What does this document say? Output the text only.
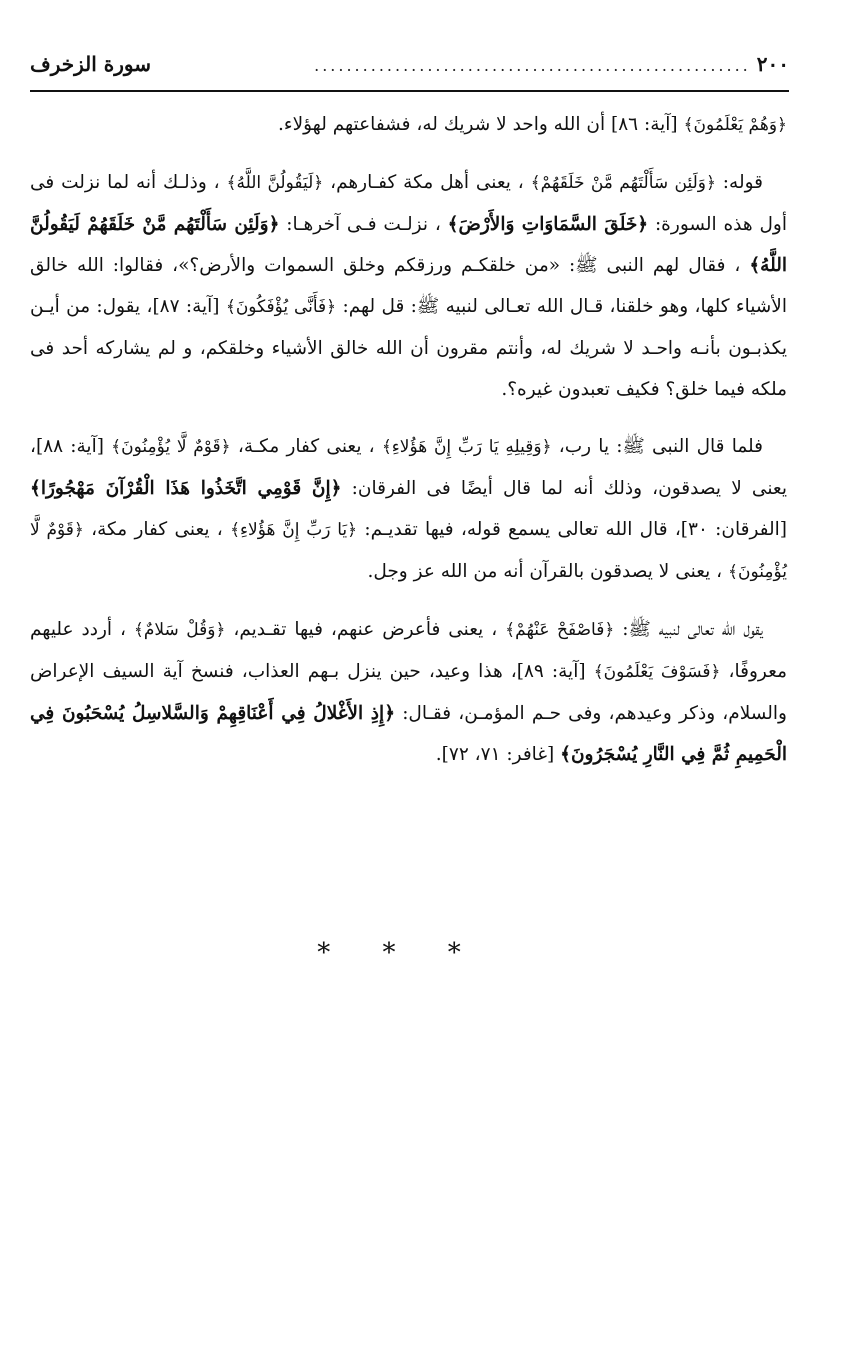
٢٠٠
......................................................
سورة الزخرف

﴿وَهُمْ يَعْلَمُونَ﴾ [آية: ٨٦] أن الله واحد لا شريك له، فشفاعتهم لهؤلاء.

قوله: ﴿وَلَئِن سَأَلْتَهُم مَّنْ خَلَقَهُمْ﴾ ، يعنى أهل مكة كفـارهم، ﴿لَيَقُولُنَّ اللَّهُ﴾ ، وذلـك أنه لما نزلت فى أول هذه السورة: ﴿خَلَقَ السَّمَاوَاتِ وَالأَرْضَ﴾ ، نزلـت فـى آخرهـا: ﴿وَلَئِن سَأَلْتَهُم مَّنْ خَلَقَهُمْ لَيَقُولُنَّ اللَّهُ﴾ ، فقال لهم النبى ﷺ: «من خلقكـم ورزقكم وخلق السموات والأرض؟»، فقالوا: الله خالق الأشياء كلها، وهو خلقنا، قـال الله تعـالى لنبيه ﷺ: قل لهم: ﴿فَأَنَّى يُؤْفَكُونَ﴾ [آية: ٨٧]، يقول: من أيـن يكذبـون بأنـه واحـد لا شريك له، وأنتم مقرون أن الله خالق الأشياء وخلقكم، و لم يشاركه أحد فى ملكه فيما خلق؟ فكيف تعبدون غيره؟.

فلما قال النبى ﷺ: يا رب، ﴿وَقِيلِهِ يَا رَبِّ إِنَّ هَؤُلاءِ﴾ ، يعنى كفار مكـة، ﴿قَوْمٌ لَّا يُؤْمِنُونَ﴾ [آية: ٨٨]، يعنى لا يصدقون، وذلك أنه لما قال أيضًا فى الفرقان: ﴿إِنَّ قَوْمِي اتَّخَذُوا هَذَا الْقُرْآنَ مَهْجُورًا﴾ [الفرقان: ٣٠]، قال الله تعالى يسمع قوله، فيها تقديـم: ﴿يَا رَبِّ إِنَّ هَؤُلاءِ﴾ ، يعنى كفار مكة، ﴿قَوْمٌ لَّا يُؤْمِنُونَ﴾ ، يعنى لا يصدقون بالقرآن أنه من الله عز وجل.

يقول الله تعالى لنبيه ﷺ: ﴿فَاصْفَحْ عَنْهُمْ﴾ ، يعنى فأعرض عنهم، فيها تقـديم، ﴿وَقُلْ سَلامٌ﴾ ، أردد عليهم معروفًا، ﴿فَسَوْفَ يَعْلَمُونَ﴾ [آية: ٨٩]، هذا وعيد، حين ينزل بـهم العذاب، فنسخ آية السيف الإعراض والسلام، وذكر وعيدهم، وفى حـم المؤمـن، فقـال: ﴿إِذِ الأَغْلالُ فِي أَعْنَاقِهِمْ وَالسَّلاسِلُ يُسْحَبُونَ فِي الْحَمِيمِ ثُمَّ فِي النَّارِ يُسْجَرُونَ﴾ [غافر: ٧١، ٧٢].

* * *
